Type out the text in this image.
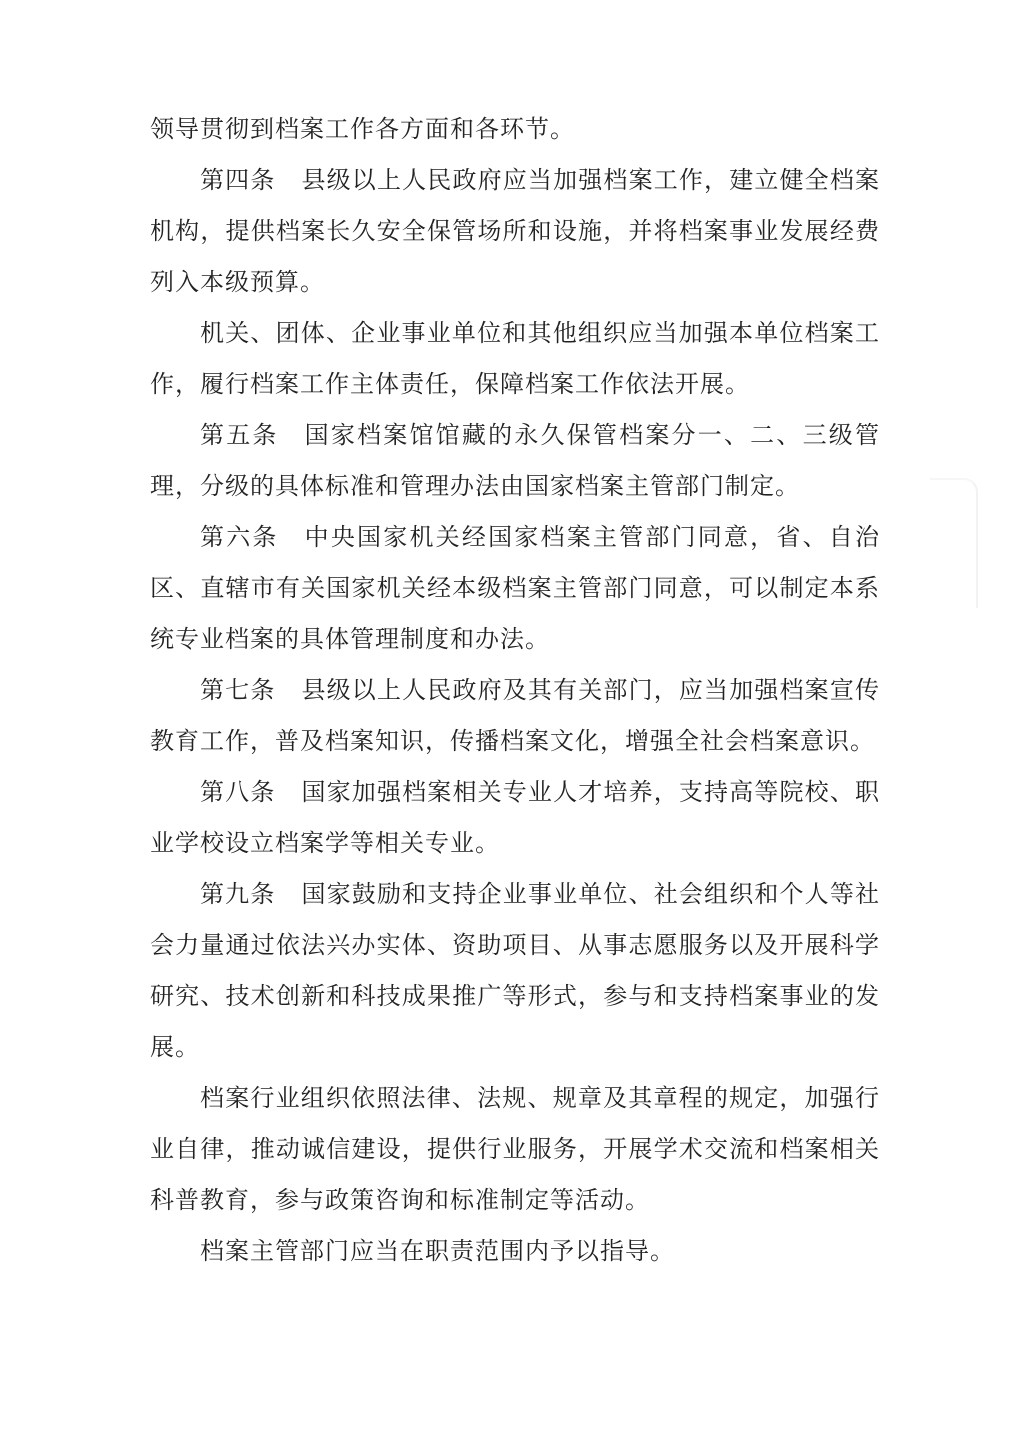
领导贯彻到档案工作各方面和各环节。

第四条 县级以上人民政府应当加强档案工作，建立健全档案机构，提供档案长久安全保管场所和设施，并将档案事业发展经费列入本级预算。

机关、团体、企业事业单位和其他组织应当加强本单位档案工作，履行档案工作主体责任，保障档案工作依法开展。

第五条 国家档案馆馆藏的永久保管档案分一、二、三级管理，分级的具体标准和管理办法由国家档案主管部门制定。

第六条 中央国家机关经国家档案主管部门同意，省、自治区、直辖市有关国家机关经本级档案主管部门同意，可以制定本系统专业档案的具体管理制度和办法。

第七条 县级以上人民政府及其有关部门，应当加强档案宣传教育工作，普及档案知识，传播档案文化，增强全社会档案意识。

第八条 国家加强档案相关专业人才培养，支持高等院校、职业学校设立档案学等相关专业。

第九条 国家鼓励和支持企业事业单位、社会组织和个人等社会力量通过依法兴办实体、资助项目、从事志愿服务以及开展科学研究、技术创新和科技成果推广等形式，参与和支持档案事业的发展。

档案行业组织依照法律、法规、规章及其章程的规定，加强行业自律，推动诚信建设，提供行业服务，开展学术交流和档案相关科普教育，参与政策咨询和标准制定等活动。

档案主管部门应当在职责范围内予以指导。
